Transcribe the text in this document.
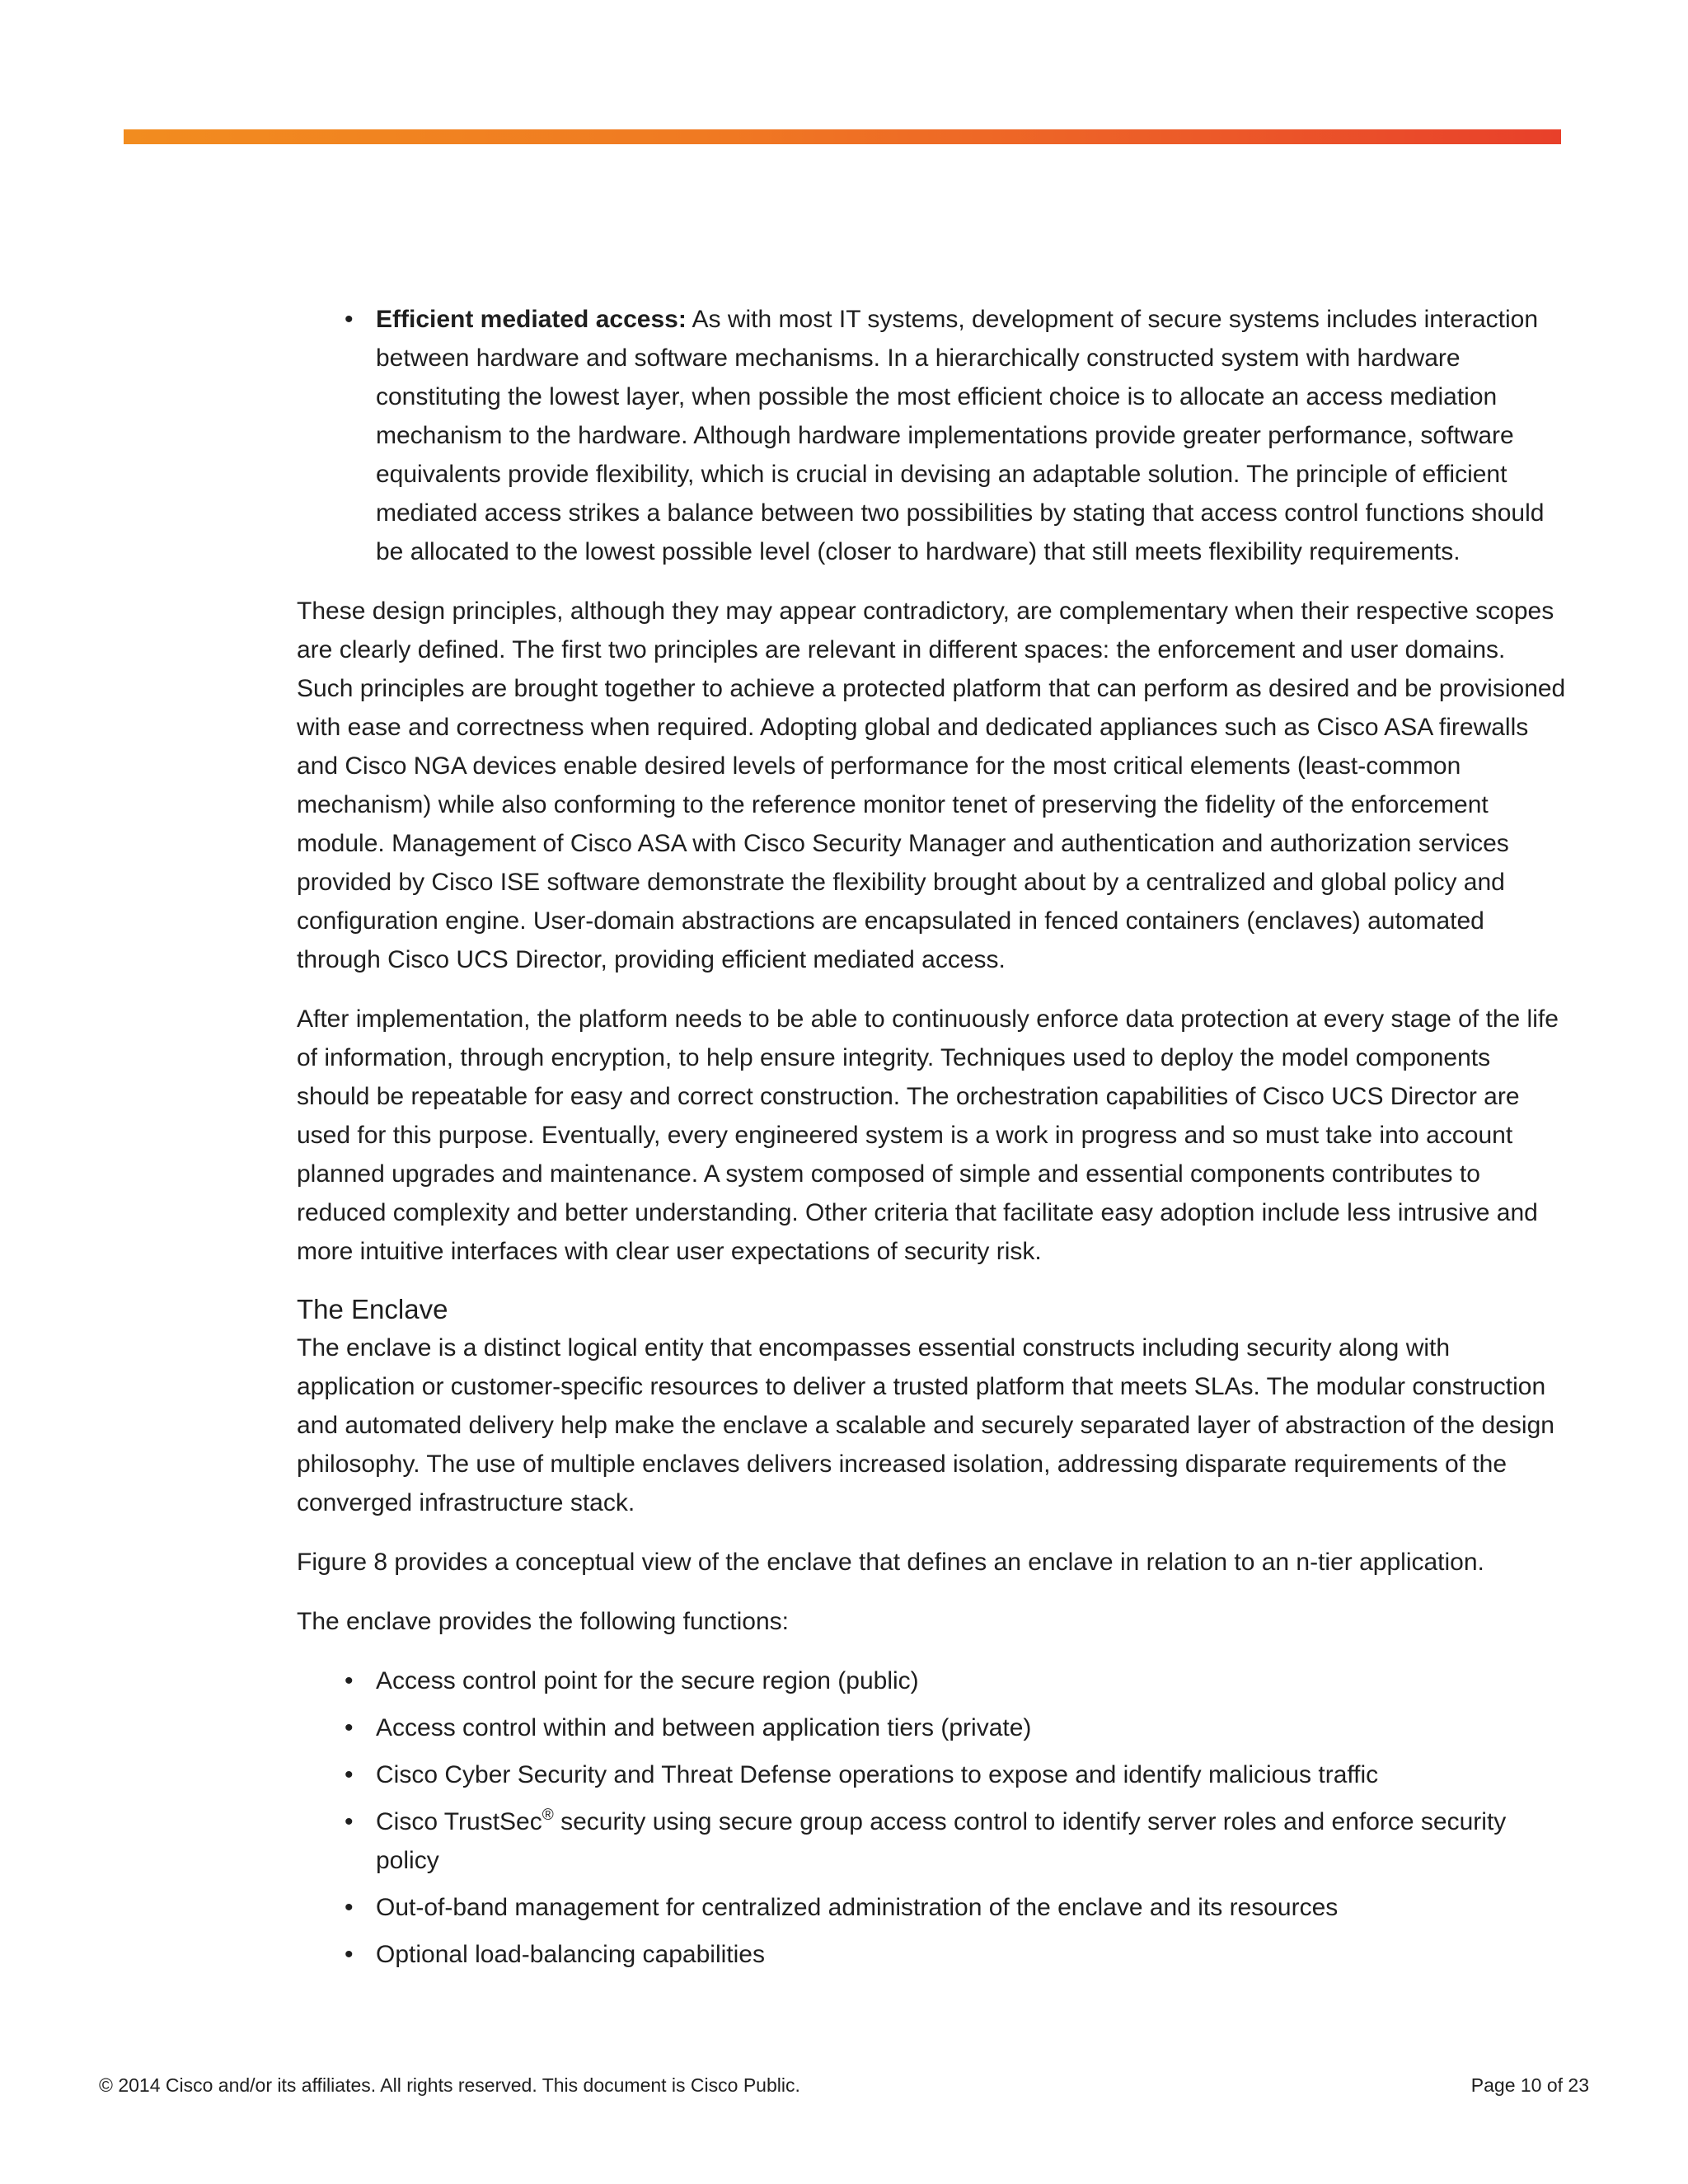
• Efficient mediated access: As with most IT systems, development of secure systems includes interaction between hardware and software mechanisms. In a hierarchically constructed system with hardware constituting the lowest layer, when possible the most efficient choice is to allocate an access mediation mechanism to the hardware. Although hardware implementations provide greater performance, software equivalents provide flexibility, which is crucial in devising an adaptable solution. The principle of efficient mediated access strikes a balance between two possibilities by stating that access control functions should be allocated to the lowest possible level (closer to hardware) that still meets flexibility requirements.

These design principles, although they may appear contradictory, are complementary when their respective scopes are clearly defined. The first two principles are relevant in different spaces: the enforcement and user domains. Such principles are brought together to achieve a protected platform that can perform as desired and be provisioned with ease and correctness when required. Adopting global and dedicated appliances such as Cisco ASA firewalls and Cisco NGA devices enable desired levels of performance for the most critical elements (least-common mechanism) while also conforming to the reference monitor tenet of preserving the fidelity of the enforcement module. Management of Cisco ASA with Cisco Security Manager and authentication and authorization services provided by Cisco ISE software demonstrate the flexibility brought about by a centralized and global policy and configuration engine. User-domain abstractions are encapsulated in fenced containers (enclaves) automated through Cisco UCS Director, providing efficient mediated access.

After implementation, the platform needs to be able to continuously enforce data protection at every stage of the life of information, through encryption, to help ensure integrity. Techniques used to deploy the model components should be repeatable for easy and correct construction. The orchestration capabilities of Cisco UCS Director are used for this purpose. Eventually, every engineered system is a work in progress and so must take into account planned upgrades and maintenance. A system composed of simple and essential components contributes to reduced complexity and better understanding. Other criteria that facilitate easy adoption include less intrusive and more intuitive interfaces with clear user expectations of security risk.

The Enclave

The enclave is a distinct logical entity that encompasses essential constructs including security along with application or customer-specific resources to deliver a trusted platform that meets SLAs. The modular construction and automated delivery help make the enclave a scalable and securely separated layer of abstraction of the design philosophy. The use of multiple enclaves delivers increased isolation, addressing disparate requirements of the converged infrastructure stack.

Figure 8 provides a conceptual view of the enclave that defines an enclave in relation to an n-tier application.

The enclave provides the following functions:

• Access control point for the secure region (public)
• Access control within and between application tiers (private)
• Cisco Cyber Security and Threat Defense operations to expose and identify malicious traffic
• Cisco TrustSec® security using secure group access control to identify server roles and enforce security policy
• Out-of-band management for centralized administration of the enclave and its resources
• Optional load-balancing capabilities
© 2014 Cisco and/or its affiliates. All rights reserved. This document is Cisco Public.	Page 10 of 23
